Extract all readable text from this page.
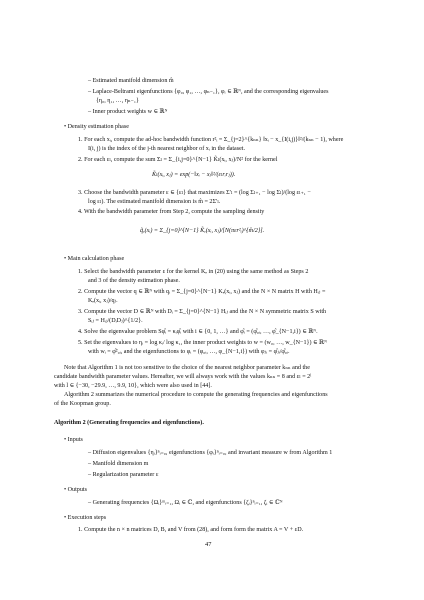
– Estimated manifold dimension m̂
– Laplace-Beltrami eigenfunctions {φ₀, φ₁, …, φₙ₋₁}, φᵢ ∈ ℝᴺ, and the corresponding eigenvalues
{η₀, η₁, …, ηₙ₋₁}
– Inner product weights w ∈ ℝᴺ
• Density estimation phase
1. For each xᵢ, compute the ad-hoc bandwidth function r²ᵢ = Σ_{j=2}^{kₙₙ} ‖xᵢ − x_{I(i,j)}‖²/(kₙₙ − 1), where
I(i, j) is the index of the j-th nearest neighbor of xᵢ in the dataset.
2. For each εₗ, compute the sum Σₗ = Σ_{i,j=0}^{N−1} K̃ₗ(xᵢ, xⱼ)/N² for the kernel
K̃ₗ(xᵢ, xⱼ) = exp(−‖xᵢ − xⱼ‖²/(εₗrᵢrⱼ)).
3. Choose the bandwidth parameter ε ∈ {εₗ} that maximizes Σ′ₗ = (log Σₗ₊₁ − log Σₗ)/(log εₗ₊₁ −
log εₗ). The estimated manifold dimension is m̂ = 2Σ′ₗ.
4. With the bandwidth parameter from Step 2, compute the sampling density
q̃ₑ(xᵢ) = Σ_{j=0}^{N−1} K̃ₑ(xᵢ, xⱼ)/[N(πεr²ᵢ)^{m̂/2}].
• Main calculation phase
1. Select the bandwidth parameter ε for the kernel Kₑ in (20) using the same method as Steps 2
and 3 of the density estimation phase.
2. Compute the vector q ∈ ℝᴺ with qᵢ = Σ_{j=0}^{N−1} Kₑ(xᵢ, xⱼ) and the N × N matrix H with Hᵢⱼ =
Kₑ(xᵢ, xⱼ)/qⱼ.
3. Compute the vector D ∈ ℝᴺ with Dᵢ = Σ_{j=0}^{N−1} Hᵢⱼ and the N × N symmetric matrix S with
Sᵢⱼ = Hᵢⱼ/(DᵢDⱼ)^{1/2}.
4. Solve the eigenvalue problem Sφ̂ᵢ = κᵢφ̂ᵢ with i ∈ {0, 1, …} and φ̂ᵢ = (φ̂₀ᵢ, …, φ̂_{N−1,i}) ∈ ℝᴺ.
5. Set the eigenvalues to ηᵢ = log κᵢ/ log κ₁, the inner product weights to w = (w₀, …, w_{N−1}) ∈ ℝᴺ
with wᵢ = φ̂²₀ᵢ, and the eigenfunctions to φᵢ = (φ₀ᵢ, …, φ_{N−1,i}) with φⱼᵢ = φ̂ⱼᵢ/φ̂₀ᵢ.
Note that Algorithm 1 is not too sensitive to the choice of the nearest neighbor parameter kₙₙ and the
candidate bandwidth parameter values. Hereafter, we will always work with the values kₙₙ = 8 and εₗ = 2ˡ
with l ∈ {−30, −29.9, …, 9.9, 10}, which were also used in [44].
Algorithm 2 summarizes the numerical procedure to compute the generating frequencies and eigenfunctions
of the Koopman group.
Algorithm 2 (Generating frequencies and eigenfunctions).
• Inputs
– Diffusion eigenvalues {ηᵢ}ⁿᵢ₌₀, eigenfunctions {φᵢ}ⁿᵢ₌₀, and invariant measure w from Algorithm 1
– Manifold dimension m
– Regularization parameter ε
• Outputs
– Generating frequencies {Ωᵢ}ᵐᵢ₌₁, Ωᵢ ∈ ℂ, and eigenfunctions {ζᵢ}ⁿᵢ₌₁, ζᵢ ∈ ℂᴺ
• Execution steps
1. Compute the n × n matrices D, B, and V from (28), and form form the matrix A = V + εD.
47
